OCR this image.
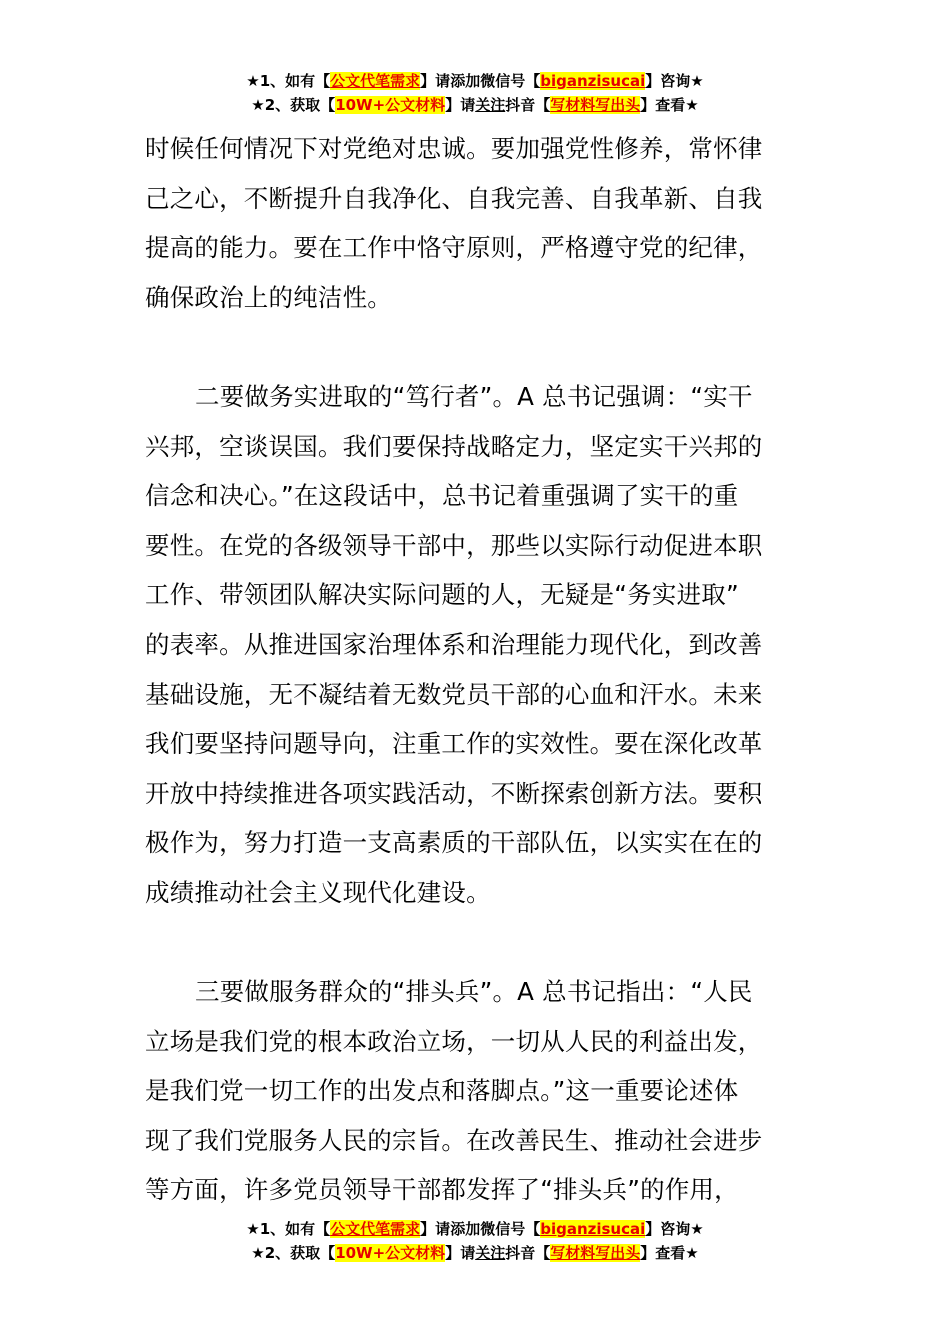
★1、如有【公文代笔需求】请添加微信号【biganzisucai】咨询★
★2、获取【10W+公文材料】请关注抖音【写材料写出头】查看★
时候任何情况下对党绝对忠诚。要加强党性修养，常怀律
己之心，不断提升自我净化、自我完善、自我革新、自我
提高的能力。要在工作中恪守原则，严格遵守党的纪律，
确保政治上的纯洁性。
二要做务实进取的“笃行者”。A 总书记强调：“实干
兴邦，空谈误国。我们要保持战略定力，坚定实干兴邦的
信念和决心。”在这段话中，总书记着重强调了实干的重
要性。在党的各级领导干部中，那些以实际行动促进本职
工作、带领团队解决实际问题的人，无疑是“务实进取”
的表率。从推进国家治理体系和治理能力现代化，到改善
基础设施，无不凝结着无数党员干部的心血和汗水。未来
我们要坚持问题导向，注重工作的实效性。要在深化改革
开放中持续推进各项实践活动，不断探索创新方法。要积
极作为，努力打造一支高素质的干部队伍，以实实在在的
成绩推动社会主义现代化建设。
三要做服务群众的“排头兵”。A 总书记指出：“人民
立场是我们党的根本政治立场，一切从人民的利益出发，
是我们党一切工作的出发点和落脚点。”这一重要论述体
现了我们党服务人民的宗旨。在改善民生、推动社会进步
等方面，许多党员领导干部都发挥了“排头兵”的作用，
★1、如有【公文代笔需求】请添加微信号【biganzisucai】咨询★
★2、获取【10W+公文材料】请关注抖音【写材料写出头】查看★
